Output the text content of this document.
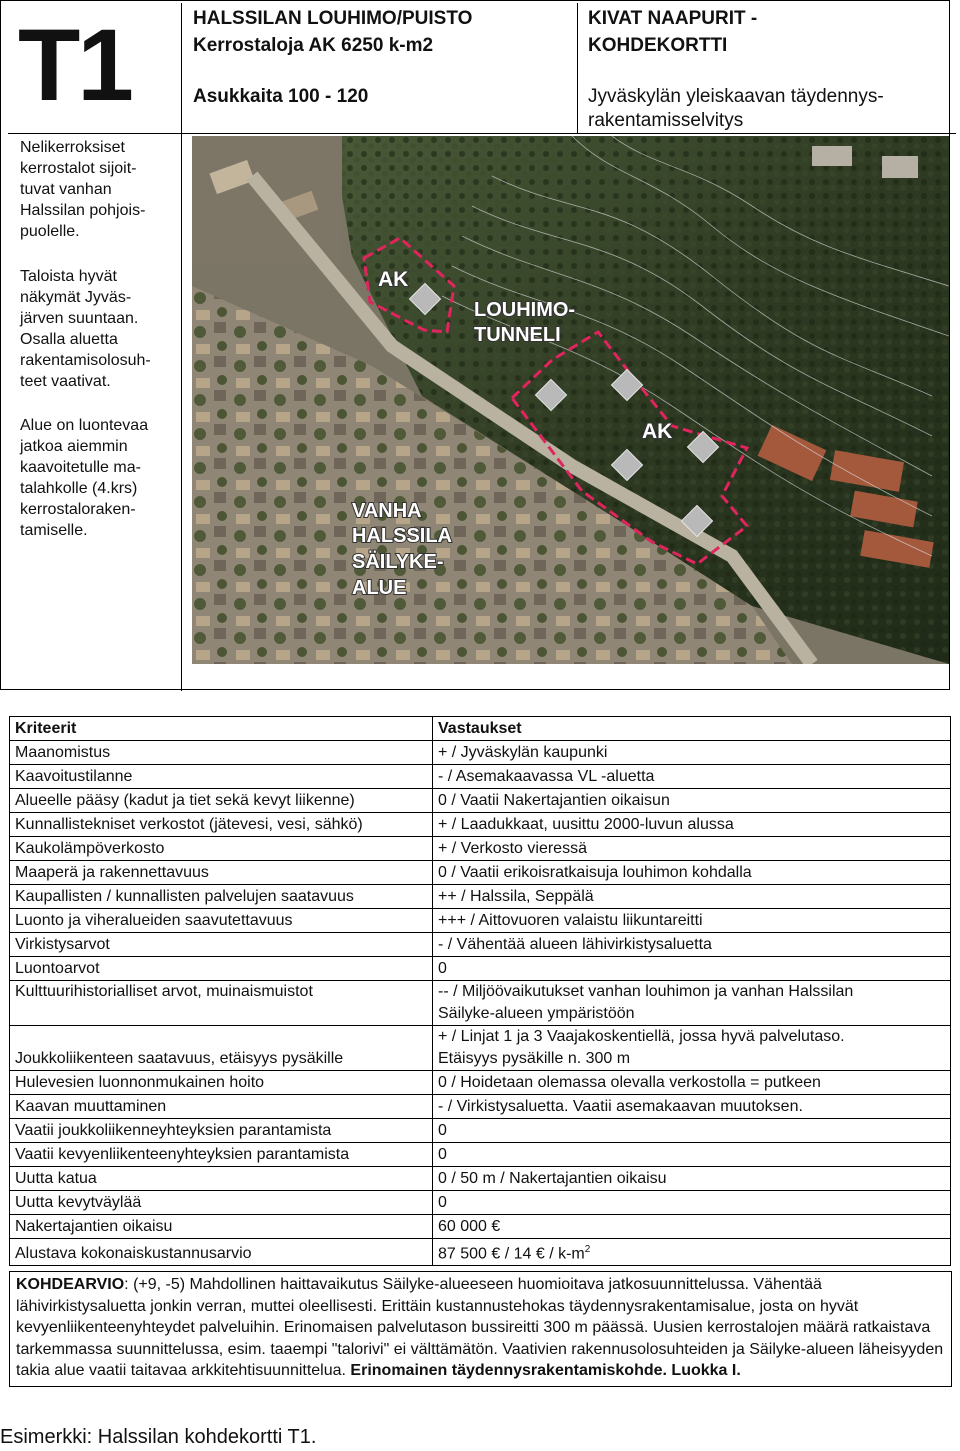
T1	HALSSILAN LOUHIMO/PUISTO
Kerrostaloja AK 6250 k-m2
Asukkaita 100 - 120
KIVAT NAAPURIT -
KOHDEKORTTI
Jyväskylän yleiskaavan täydennys-
rakentamisselvitys
Nelikerroksiset
kerrostalot sijoit-
tuvat vanhan
Halssilan pohjois-
puolelle.
Taloista hyvät
näkymät Jyväs-
järven suuntaan.
Osalla aluetta
rakentamisolosuh-
teet vaativat.
Alue on luontevaa
jatkoa aiemmin
kaavoitetulle ma-
talahkolle (4.krs)
kerrostaloraken-
tamiselle.
AK
AK
LOUHIMO-
TUNNELI
VANHA
HALSSILA
SÄILYKE-
ALUE
Kriteerit	Vastaukset
Maanomistus	+ / Jyväskylän kaupunki
Kaavoitustilanne	- / Asemakaavassa VL -aluetta
Alueelle pääsy (kadut ja tiet sekä kevyt liikenne)	0 / Vaatii Nakertajantien oikaisun
Kunnallistekniset verkostot (jätevesi, vesi, sähkö)	+ / Laadukkaat, uusittu 2000-luvun alussa
Kaukolämpöverkosto	+ / Verkosto vieressä
Maaperä ja rakennettavuus	0 / Vaatii erikoisratkaisuja louhimon kohdalla
Kaupallisten / kunnallisten palvelujen saatavuus	++ / Halssila, Seppälä
Luonto ja viheralueiden saavutettavuus	+++ / Aittovuoren valaistu liikuntareitti
Virkistysarvot	- / Vähentää alueen lähivirkistysaluetta
Luontoarvot	0
Kulttuurihistorialliset arvot, muinaismuistot	-- / Miljöövaikutukset vanhan louhimon ja vanhan Halssilan
Säilyke-alueen ympäristöön

Joukkoliikenteen saatavuus, etäisyys pysäkille	+ / Linjat 1 ja 3 Vaajakoskentiellä, jossa hyvä palvelutaso.
Etäisyys pysäkille n. 300 m

Hulevesien luonnonmukainen hoito	0 / Hoidetaan olemassa olevalla verkostolla = putkeen
Kaavan muuttaminen	- / Virkistysaluetta. Vaatii asemakaavan muutoksen.
Vaatii joukkoliikenneyhteyksien parantamista	0
Vaatii kevyenliikenteenyhteyksien parantamista	0
Uutta katua	0 / 50 m / Nakertajantien oikaisu
Uutta kevytväylää	0
Nakertajantien oikaisu	60 000 €
Alustava kokonaiskustannusarvio	87 500 € / 14 € / $k-m^2$
KOHDEARVIO: (+9, -5) Mahdollinen haittavaikutus Säilyke-alueeseen huomioitava jatkosuunnittelussa. Vähentää lähivirkistysaluetta jonkin verran, muttei oleellisesti. Erittäin kustannustehokas täydennysrakentamisalue, josta on hyvät kevyenliikenteenyhteydet palveluihin. Erinomaisen palvelutason bussireitti 300 m päässä. Uusien kerrostalojen määrä ratkaistava tarkemmassa suunnittelussa, esim. taaempi "talorivi" ei välttämätön. Vaativien rakennusolosuhteiden ja Säilyke-alueen läheisyyden takia alue vaatii taitavaa arkkitehtisuunnittelua. Erinomainen täydennysrakentamiskohde. Luokka I.
Esimerkki: Halssilan kohdekortti T1.
